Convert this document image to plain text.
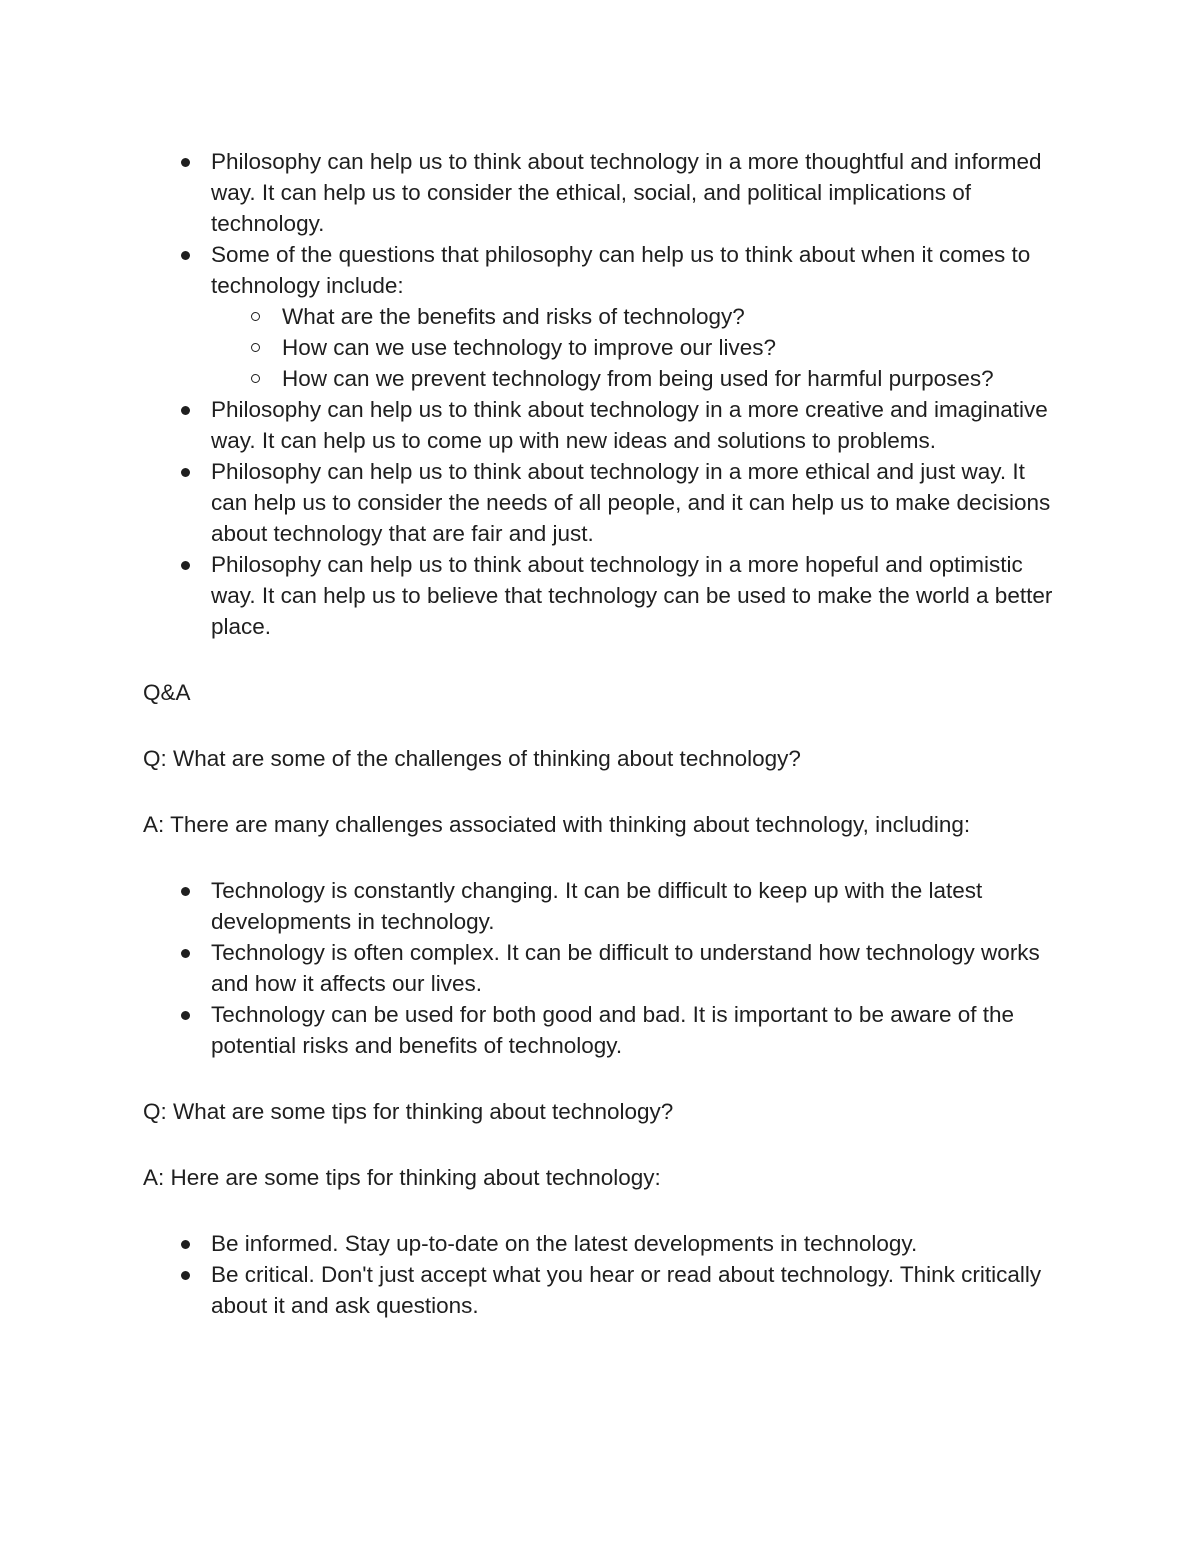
Philosophy can help us to think about technology in a more thoughtful and informed way. It can help us to consider the ethical, social, and political implications of technology.
Some of the questions that philosophy can help us to think about when it comes to technology include:
What are the benefits and risks of technology?
How can we use technology to improve our lives?
How can we prevent technology from being used for harmful purposes?
Philosophy can help us to think about technology in a more creative and imaginative way. It can help us to come up with new ideas and solutions to problems.
Philosophy can help us to think about technology in a more ethical and just way. It can help us to consider the needs of all people, and it can help us to make decisions about technology that are fair and just.
Philosophy can help us to think about technology in a more hopeful and optimistic way. It can help us to believe that technology can be used to make the world a better place.

Q&A

Q: What are some of the challenges of thinking about technology?

A: There are many challenges associated with thinking about technology, including:

Technology is constantly changing. It can be difficult to keep up with the latest developments in technology.
Technology is often complex. It can be difficult to understand how technology works and how it affects our lives.
Technology can be used for both good and bad. It is important to be aware of the potential risks and benefits of technology.

Q: What are some tips for thinking about technology?

A: Here are some tips for thinking about technology:

Be informed. Stay up-to-date on the latest developments in technology.
Be critical. Don't just accept what you hear or read about technology. Think critically about it and ask questions.
